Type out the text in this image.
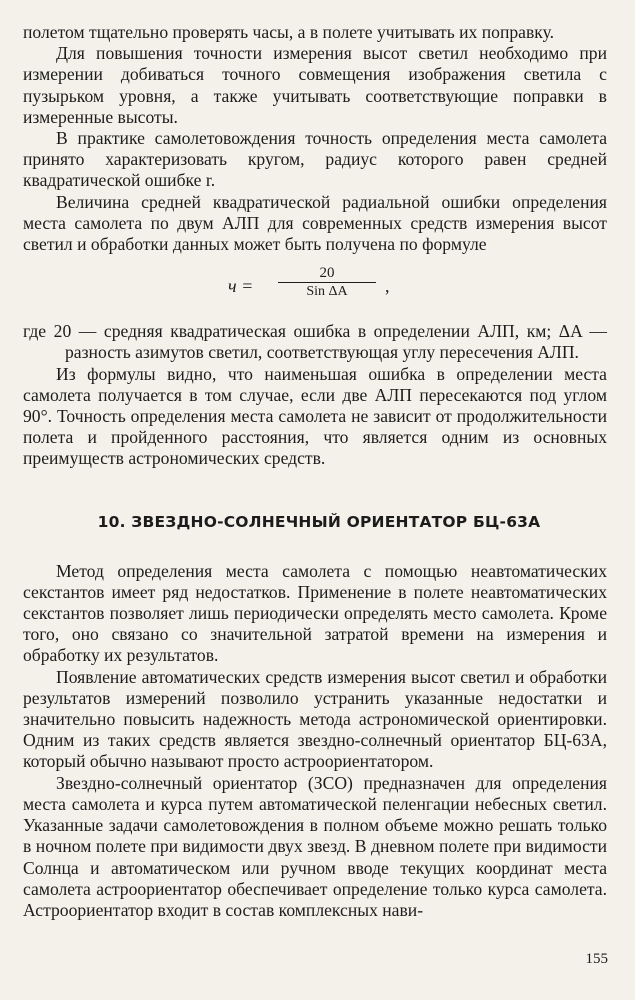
полетом тщательно проверять часы, а в полете учитывать их поправку.

Для повышения точности измерения высот светил необходимо при измерении добиваться точного совмещения изображения светила с пузырьком уровня, а также учитывать соответствующие поправки в измеренные высоты.

В практике самолетовождения точность определения места самолета принято характеризовать кругом, радиус которого равен средней квадратической ошибке r.

Величина средней квадратической радиальной ошибки определения места самолета по двум АЛП для современных средств измерения высот светил и обработки данных может быть получена по формуле

ч =
20
Sin ΔA	,

где 20 — средняя квадратическая ошибка в определении АЛП, км; ΔA — разность азимутов светил, соответствующая углу пересечения АЛП.

Из формулы видно, что наименьшая ошибка в определении места самолета получается в том случае, если две АЛП пересекаются под углом 90°. Точность определения места самолета не зависит от продолжительности полета и пройденного расстояния, что является одним из основных преимуществ астрономических средств.

10. ЗВЕЗДНО-СОЛНЕЧНЫЙ ОРИЕНТАТОР БЦ-63А

Метод определения места самолета с помощью неавтоматических секстантов имеет ряд недостатков. Применение в полете неавтоматических секстантов позволяет лишь периодически определять место самолета. Кроме того, оно связано со значительной затратой времени на измерения и обработку их результатов.

Появление автоматических средств измерения высот светил и обработки результатов измерений позволило устранить указанные недостатки и значительно повысить надежность метода астрономической ориентировки. Одним из таких средств является звездно-солнечный ориентатор БЦ-63А, который обычно называют просто астроориентатором.

Звездно-солнечный ориентатор (ЗСО) предназначен для определения места самолета и курса путем автоматической пеленгации небесных светил. Указанные задачи самолетовождения в полном объеме можно решать только в ночном полете при видимости двух звезд. В дневном полете при видимости Солнца и автоматическом или ручном вводе текущих координат места самолета астроориентатор обеспечивает определение только курса самолета. Астроориентатор входит в состав комплексных нави-

155
